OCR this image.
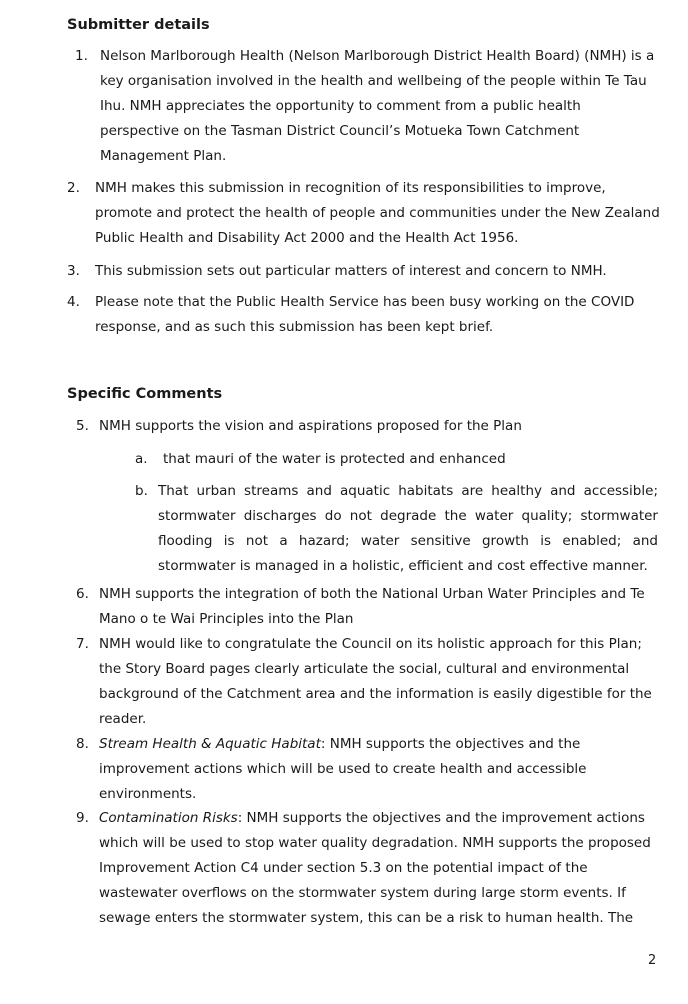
Submitter details
1. Nelson Marlborough Health (Nelson Marlborough District Health Board) (NMH) is a key organisation involved in the health and wellbeing of the people within Te Tau Ihu. NMH appreciates the opportunity to comment from a public health perspective on the Tasman District Council’s Motueka Town Catchment Management Plan.
2. NMH makes this submission in recognition of its responsibilities to improve, promote and protect the health of people and communities under the New Zealand Public Health and Disability Act 2000 and the Health Act 1956.
3. This submission sets out particular matters of interest and concern to NMH.
4. Please note that the Public Health Service has been busy working on the COVID response, and as such this submission has been kept brief.
Specific Comments
5. NMH supports the vision and aspirations proposed for the Plan
a. that mauri of the water is protected and enhanced
b. That urban streams and aquatic habitats are healthy and accessible; stormwater discharges do not degrade the water quality; stormwater flooding is not a hazard; water sensitive growth is enabled; and stormwater is managed in a holistic, efficient and cost effective manner.
6. NMH supports the integration of both the National Urban Water Principles and Te Mano o te Wai Principles into the Plan
7. NMH would like to congratulate the Council on its holistic approach for this Plan; the Story Board pages clearly articulate the social, cultural and environmental background of the Catchment area and the information is easily digestible for the reader.
8. Stream Health & Aquatic Habitat: NMH supports the objectives and the improvement actions which will be used to create health and accessible environments.
9. Contamination Risks: NMH supports the objectives and the improvement actions which will be used to stop water quality degradation. NMH supports the proposed Improvement Action C4 under section 5.3 on the potential impact of the wastewater overflows on the stormwater system during large storm events. If sewage enters the stormwater system, this can be a risk to human health. The
2
